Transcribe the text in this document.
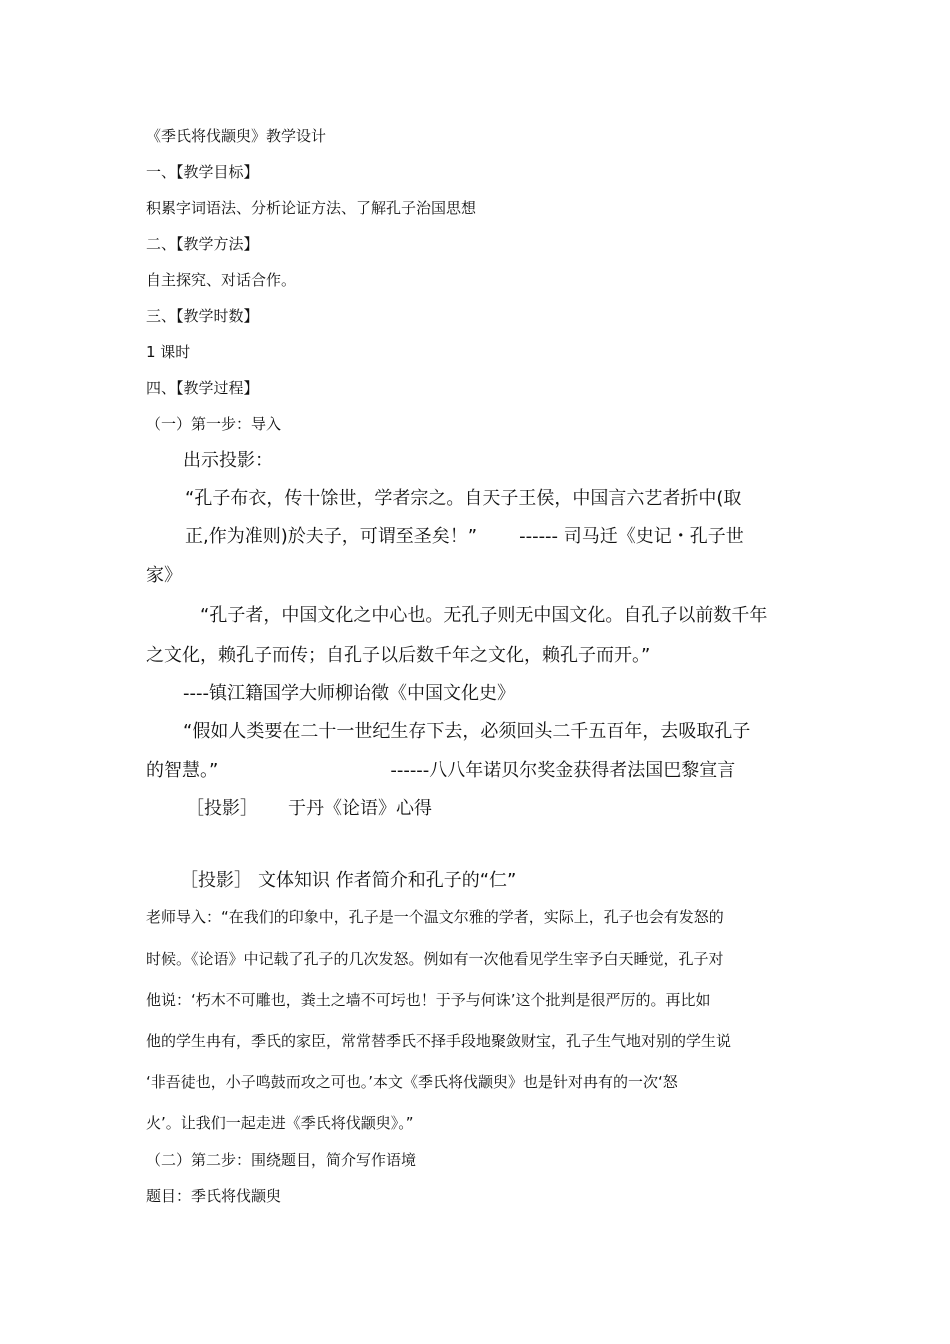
《季氏将伐颛臾》教学设计
一、【教学目标】
积累字词语法、分析论证方法、了解孔子治国思想
二、【教学方法】
自主探究、对话合作。
三、【教学时数】
1 课时
四、【教学过程】
（一）第一步：导入
出示投影：
“孔子布衣，传十馀世，学者宗之。自天子王侯，中国言六艺者折中(取
正,作为准则)於夫子，可谓至圣矣！” ------ 司马迁《史记・孔子世
家》
“孔子者，中国文化之中心也。无孔子则无中国文化。自孔子以前数千年
之文化，赖孔子而传；自孔子以后数千年之文化，赖孔子而开。”
----镇江籍国学大师柳诒徵《中国文化史》
“假如人类要在二十一世纪生存下去，必须回头二千五百年，去吸取孔子
的智慧。”	------八八年诺贝尔奖金获得者法国巴黎宣言
［投影］ 于丹《论语》心得
［投影］ 文体知识 作者简介和孔子的“仁”
老师导入：“在我们的印象中，孔子是一个温文尔雅的学者，实际上，孔子也会有发怒的
时候。《论语》中记载了孔子的几次发怒。例如有一次他看见学生宰予白天睡觉，孔子对
他说：‘朽木不可雕也，粪土之墙不可圬也！于予与何诛’这个批判是很严厉的。再比如
他的学生冉有，季氏的家臣，常常替季氏不择手段地聚敛财宝，孔子生气地对别的学生说
‘非吾徒也，小子鸣鼓而攻之可也。’本文《季氏将伐颛臾》也是针对冉有的一次‘怒
火’。让我们一起走进《季氏将伐颛臾》。”
（二）第二步：围绕题目，简介写作语境
题目：季氏将伐颛臾
